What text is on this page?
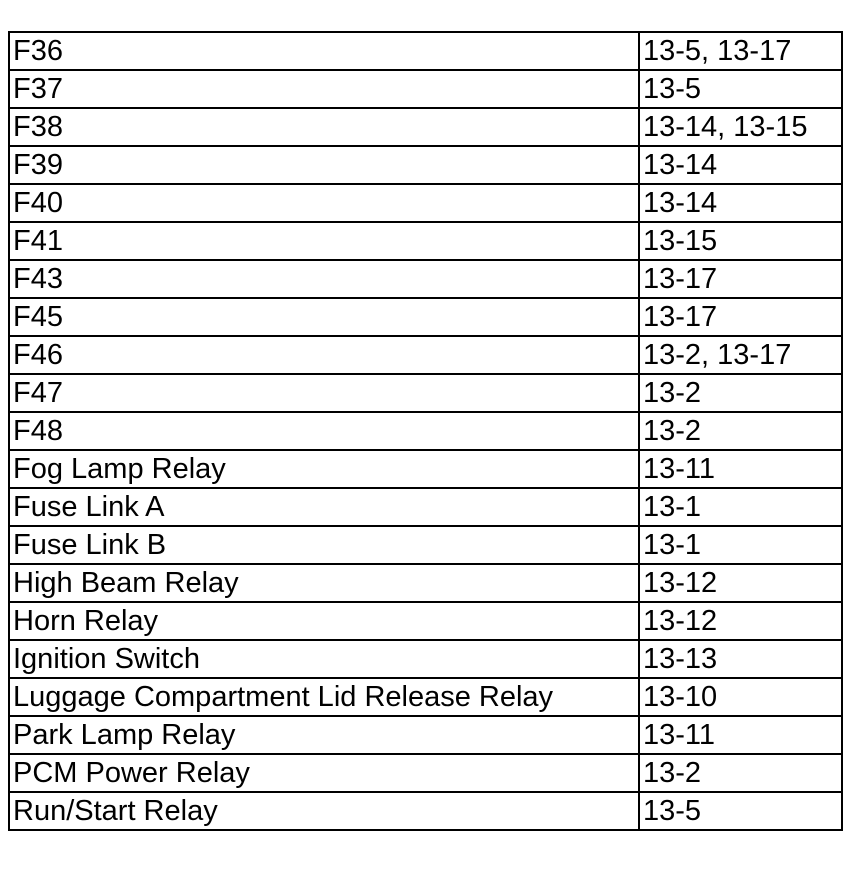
F36	13-5, 13-17
F37	13-5
F38	13-14, 13-15
F39	13-14
F40	13-14
F41	13-15
F43	13-17
F45	13-17
F46	13-2, 13-17
F47	13-2
F48	13-2
Fog Lamp Relay	13-11
Fuse Link A	13-1
Fuse Link B	13-1
High Beam Relay	13-12
Horn Relay	13-12
Ignition Switch	13-13
Luggage Compartment Lid Release Relay	13-10
Park Lamp Relay	13-11
PCM Power Relay	13-2
Run/Start Relay	13-5
